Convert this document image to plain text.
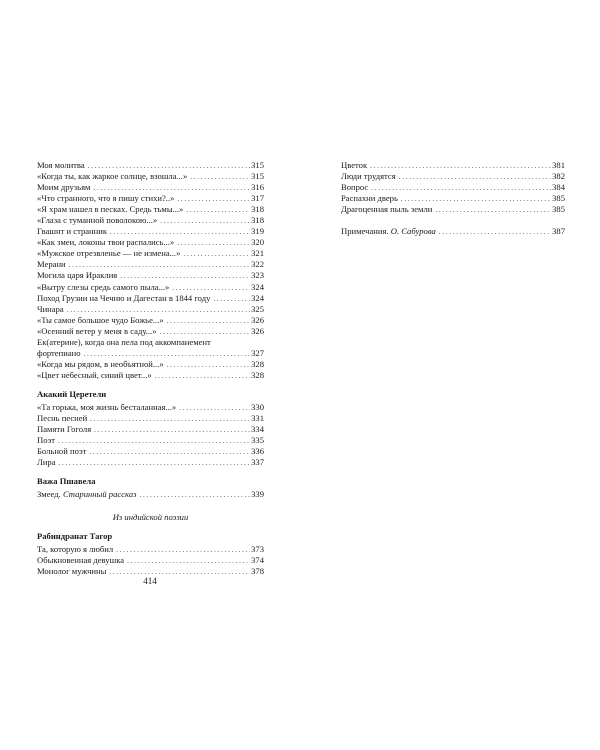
Моя молитва . . .	315
«Когда ты, как жаркое солнце, взошла...» . . .	315
Моим друзьям . . .	316
«Что странного, что я пишу стихи?..» . . .	317
«Я храм нашел в песках. Средь тьмы...» . . .	318
«Глаза с туманной поволокою...» . . .	318
Гвашнт и странник . . .	319
«Как змеи, локоны твои распались...» . . .	320
«Мужское отрезвленье — не измена...» . . .	321
Мерани . . .	322
Могила царя Ираклия . . .	323
«Вытру слезы средь самого пыла...» . . .	324
Поход Грузии на Чечню и Дагестан в 1844 году . . .	324
Чинара . . .	325
«Ты самое большое чудо Божье...» . . .	326
«Осенний ветер у меня в саду...» . . .	326
Ек(атерине), когда она пела под аккомпанемент
фортепиано . . .	327
«Когда мы рядом, в необъятной...» . . .	328
«Цвет небесный, синий цвет...» . . .	328
Акакий Церетели
«Та горька, моя жизнь бесталанная...» . . .	330
Песнь песней . . .	331
Памяти Гоголя . . .	334
Поэт . . .	335
Больной поэт . . .	336
Лира . . .	337
Важа Пшавела
Змеед. Старинный рассказ . . .	339
Из индийской поэзии
Рабиндранат Тагор
Та, которую я любил . . .	373
Обыкновенная девушка . . .	374
Монолог мужчины . . .	378
414
Цветок . . .	381
Люди трудятся . . .	382
Вопрос . . .	384
Распахни дверь . . .	385
Драгоценная пыль земли . . .	385
Примечания. О. Сабурова . . .	387
